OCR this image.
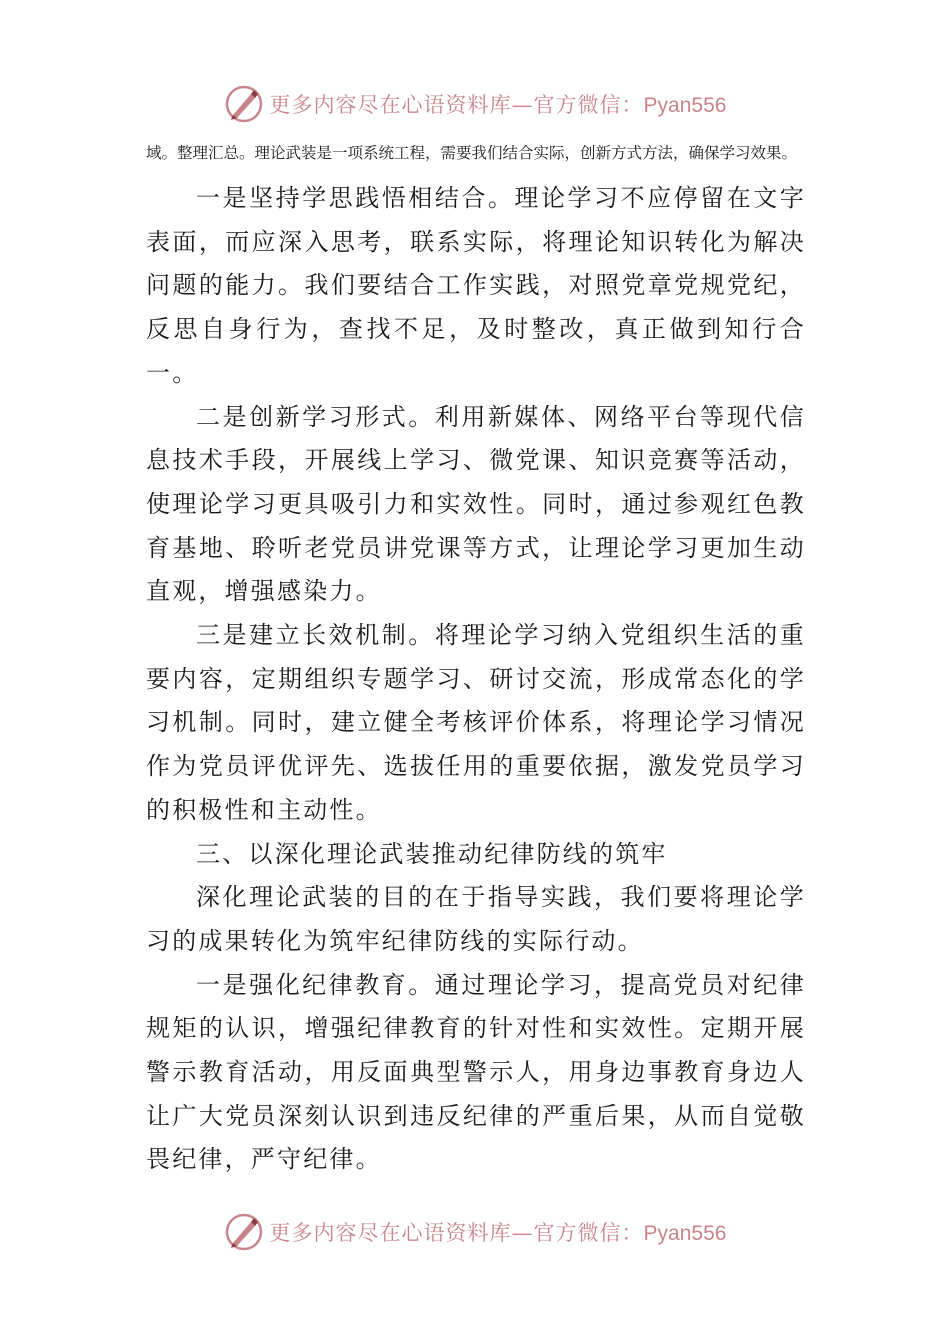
更多内容尽在心语资料库—官方微信：Pyan556

域。整理汇总。理论武装是一项系统工程，需要我们结合实际，创新方式方法，确保学习效果。

一是坚持学思践悟相结合。理论学习不应停留在文字表面，而应深入思考，联系实际，将理论知识转化为解决问题的能力。我们要结合工作实践，对照党章党规党纪，反思自身行为，查找不足，及时整改，真正做到知行合一。

二是创新学习形式。利用新媒体、网络平台等现代信息技术手段，开展线上学习、微党课、知识竞赛等活动，使理论学习更具吸引力和实效性。同时，通过参观红色教育基地、聆听老党员讲党课等方式，让理论学习更加生动直观，增强感染力。

三是建立长效机制。将理论学习纳入党组织生活的重要内容，定期组织专题学习、研讨交流，形成常态化的学习机制。同时，建立健全考核评价体系，将理论学习情况作为党员评优评先、选拔任用的重要依据，激发党员学习的积极性和主动性。

三、以深化理论武装推动纪律防线的筑牢

深化理论武装的目的在于指导实践，我们要将理论学习的成果转化为筑牢纪律防线的实际行动。

一是强化纪律教育。通过理论学习，提高党员对纪律规矩的认识，增强纪律教育的针对性和实效性。定期开展警示教育活动，用反面典型警示人，用身边事教育身边人让广大党员深刻认识到违反纪律的严重后果，从而自觉敬畏纪律，严守纪律。

更多内容尽在心语资料库—官方微信：Pyan556
